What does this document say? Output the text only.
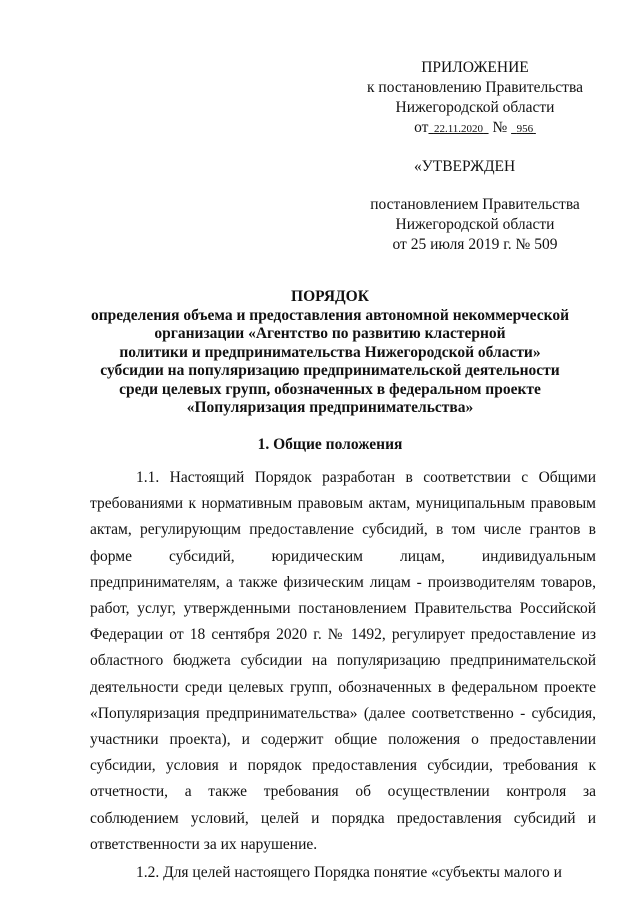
ПРИЛОЖЕНИЕ
к постановлению Правительства
Нижегородской области
от 22.11.2020 № 956
«УТВЕРЖДЕН
постановлением Правительства
Нижегородской области
от 25 июля 2019 г. № 509
ПОРЯДОК
определения объема и предоставления автономной некоммерческой
организации «Агентство по развитию кластерной
политики и предпринимательства Нижегородской области»
субсидии на популяризацию предпринимательской деятельности
среди целевых групп, обозначенных в федеральном проекте
«Популяризация предпринимательства»
1. Общие положения

1.1. Настоящий Порядок разработан в соответствии с Общими требованиями к нормативным правовым актам, муниципальным правовым актам, регулирующим предоставление субсидий, в том числе грантов в форме субсидий, юридическим лицам, индивидуальным предпринимателям, а также физическим лицам - производителям товаров, работ, услуг, утвержденными постановлением Правительства Российской Федерации от 18 сентября 2020 г. № 1492, регулирует предоставление из областного бюджета субсидии на популяризацию предпринимательской деятельности среди целевых групп, обозначенных в федеральном проекте «Популяризация предпринимательства» (далее соответственно - субсидия, участники проекта), и содержит общие положения о предоставлении субсидии, условия и порядок предоставления субсидии, требования к отчетности, а также требования об осуществлении контроля за соблюдением условий, целей и порядка предоставления субсидий и ответственности за их нарушение.

1.2. Для целей настоящего Порядка понятие «субъекты малого и
